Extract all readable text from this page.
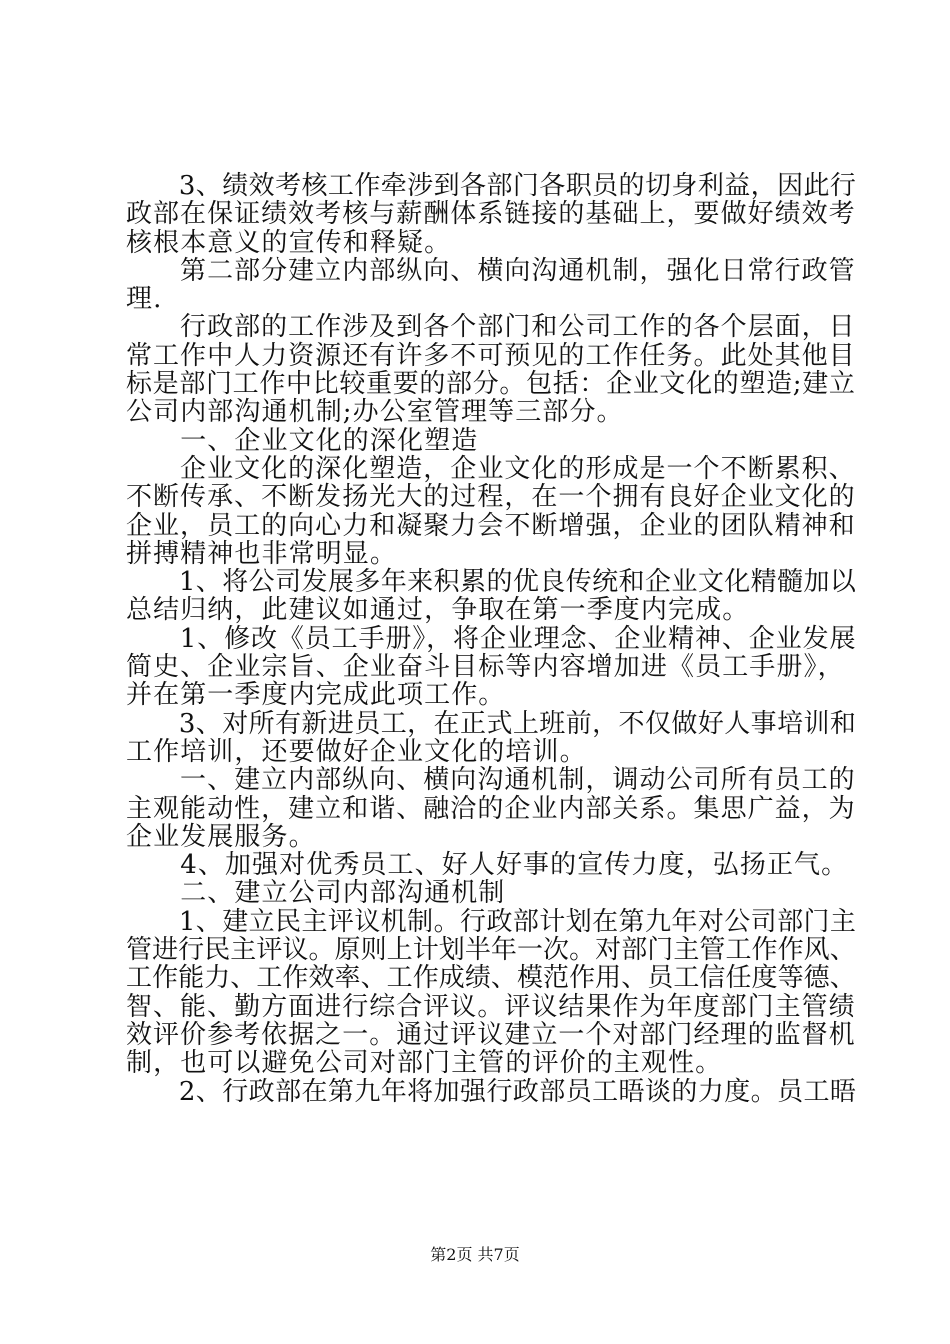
　　3、绩效考核工作牵涉到各部门各职员的切身利益，因此行
政部在保证绩效考核与薪酬体系链接的基础上，要做好绩效考
核根本意义的宣传和释疑。
　　第二部分建立内部纵向、横向沟通机制，强化日常行政管
理.
　　行政部的工作涉及到各个部门和公司工作的各个层面，日
常工作中人力资源还有许多不可预见的工作任务。此处其他目
标是部门工作中比较重要的部分。包括：企业文化的塑造;建立
公司内部沟通机制;办公室管理等三部分。
　　一、企业文化的深化塑造
　　企业文化的深化塑造，企业文化的形成是一个不断累积、
不断传承、不断发扬光大的过程，在一个拥有良好企业文化的
企业，员工的向心力和凝聚力会不断增强，企业的团队精神和
拼搏精神也非常明显。
　　1、将公司发展多年来积累的优良传统和企业文化精髓加以
总结归纳，此建议如通过，争取在第一季度内完成。
　　1、修改《员工手册》，将企业理念、企业精神、企业发展
简史、企业宗旨、企业奋斗目标等内容增加进《员工手册》，
并在第一季度内完成此项工作。
　　3、对所有新进员工，在正式上班前，不仅做好人事培训和
工作培训，还要做好企业文化的培训。
　　一、建立内部纵向、横向沟通机制，调动公司所有员工的
主观能动性，建立和谐、融洽的企业内部关系。集思广益，为
企业发展服务。
　　4、加强对优秀员工、好人好事的宣传力度，弘扬正气。
　　二、建立公司内部沟通机制
　　1、建立民主评议机制。行政部计划在第九年对公司部门主
管进行民主评议。原则上计划半年一次。对部门主管工作作风、
工作能力、工作效率、工作成绩、模范作用、员工信任度等德、
智、能、勤方面进行综合评议。评议结果作为年度部门主管绩
效评价参考依据之一。通过评议建立一个对部门经理的监督机
制，也可以避免公司对部门主管的评价的主观性。
　　2、行政部在第九年将加强行政部员工晤谈的力度。员工晤
第2页 共7页
